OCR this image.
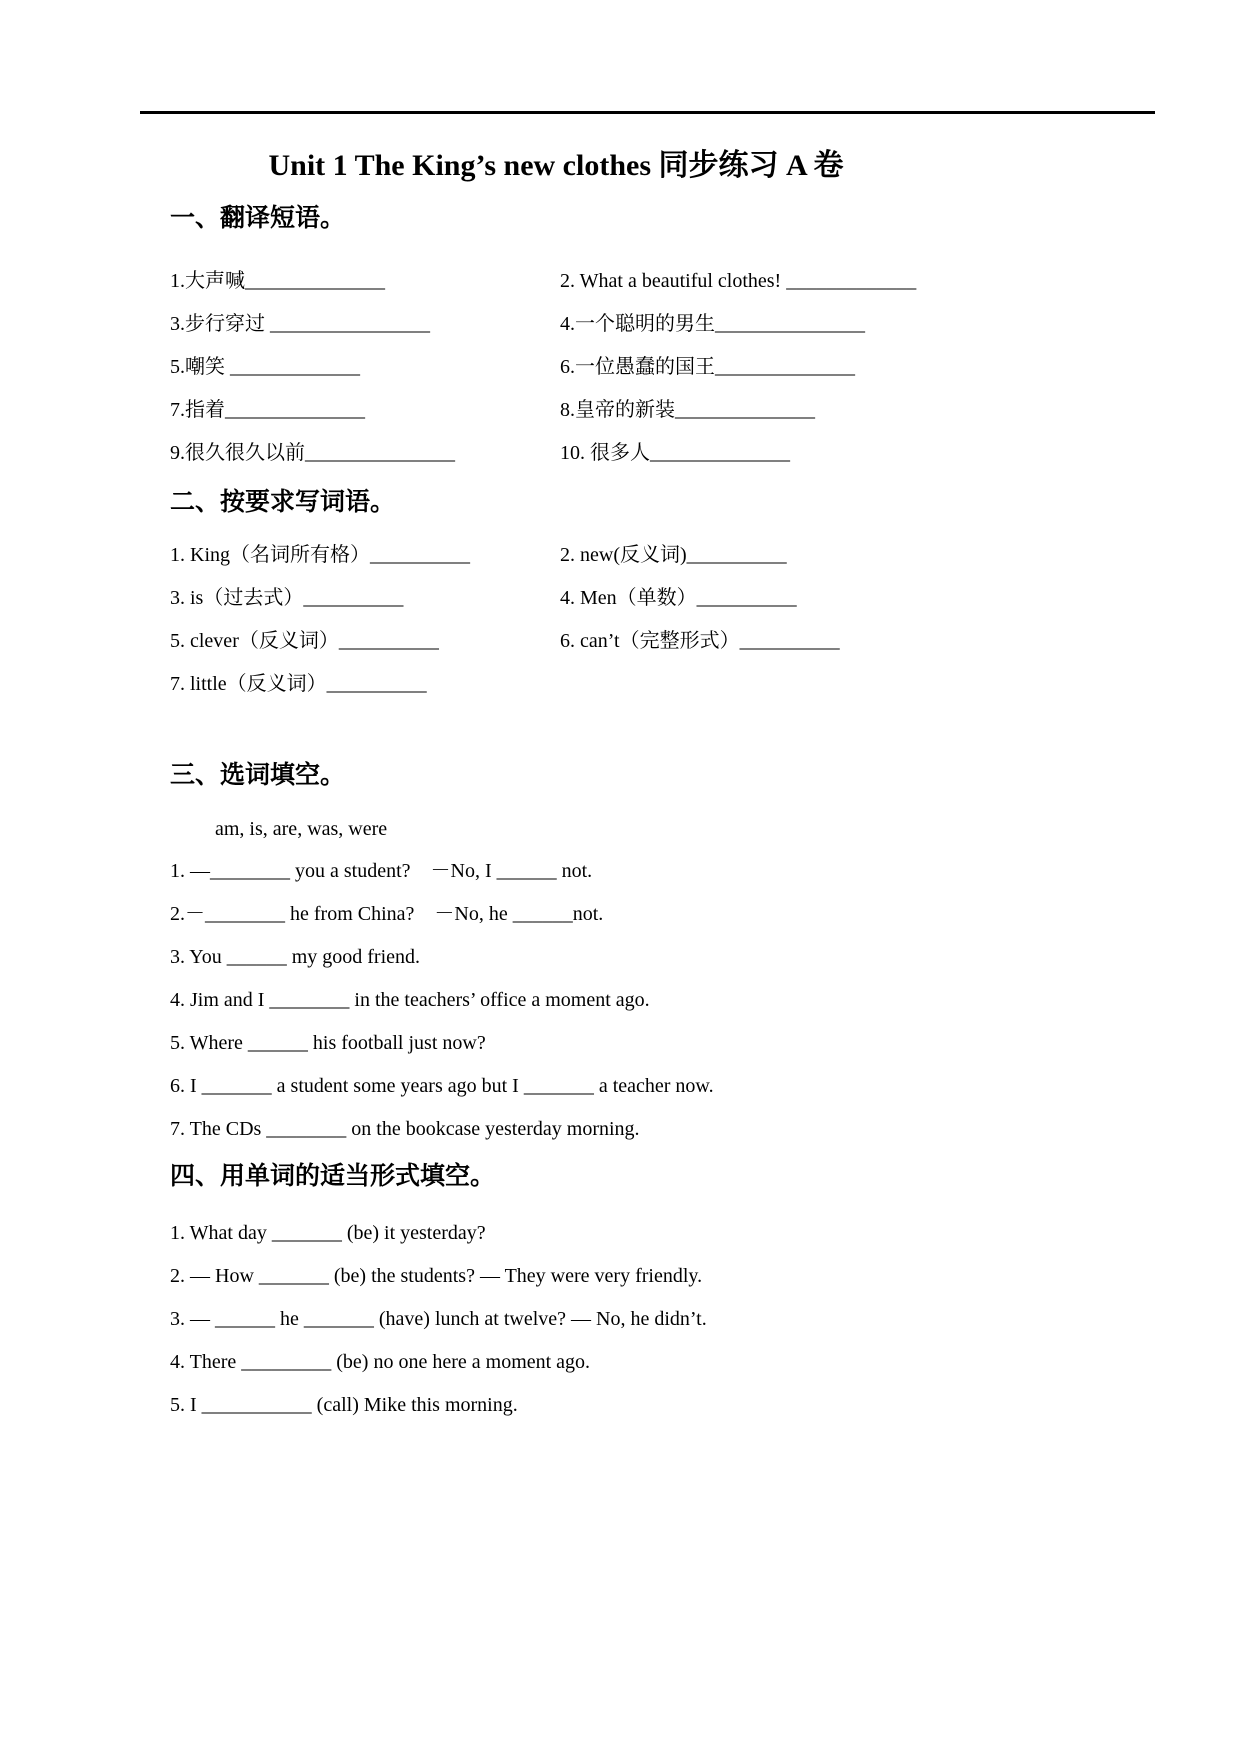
Unit 1 The King’s new clothes 同步练习 A 卷
一、翻译短语。
1.大声喊______________	2. What a beautiful clothes! _____________
3.步行穿过 ________________	4.一个聪明的男生_______________
5.嘲笑 _____________	6.一位愚蠢的国王______________
7.指着______________	8.皇帝的新装______________
9.很久很久以前_______________	10. 很多人______________
二、按要求写词语。
1. King（名词所有格）__________	2. new(反义词)__________
3. is（过去式）__________	4. Men（单数）__________
5. clever（反义词）__________	6. can’t（完整形式）__________
7. little（反义词）__________
三、选词填空。
am, is, are, was, were
1. —________ you a student?　－No, I ______ not.
2.－________ he from China?　－No, he ______not.
3. You ______ my good friend.
4. Jim and I ________ in the teachers’ office a moment ago.
5. Where ______ his football just now?
6. I _______ a student some years ago but I _______ a teacher now.
7. The CDs ________ on the bookcase yesterday morning.
四、用单词的适当形式填空。
1. What day _______ (be) it yesterday?
2. — How _______ (be) the students? — They were very friendly.
3. — ______ he _______ (have) lunch at twelve? — No, he didn’t.
4. There _________ (be) no one here a moment ago.
5. I ___________ (call) Mike this morning.
